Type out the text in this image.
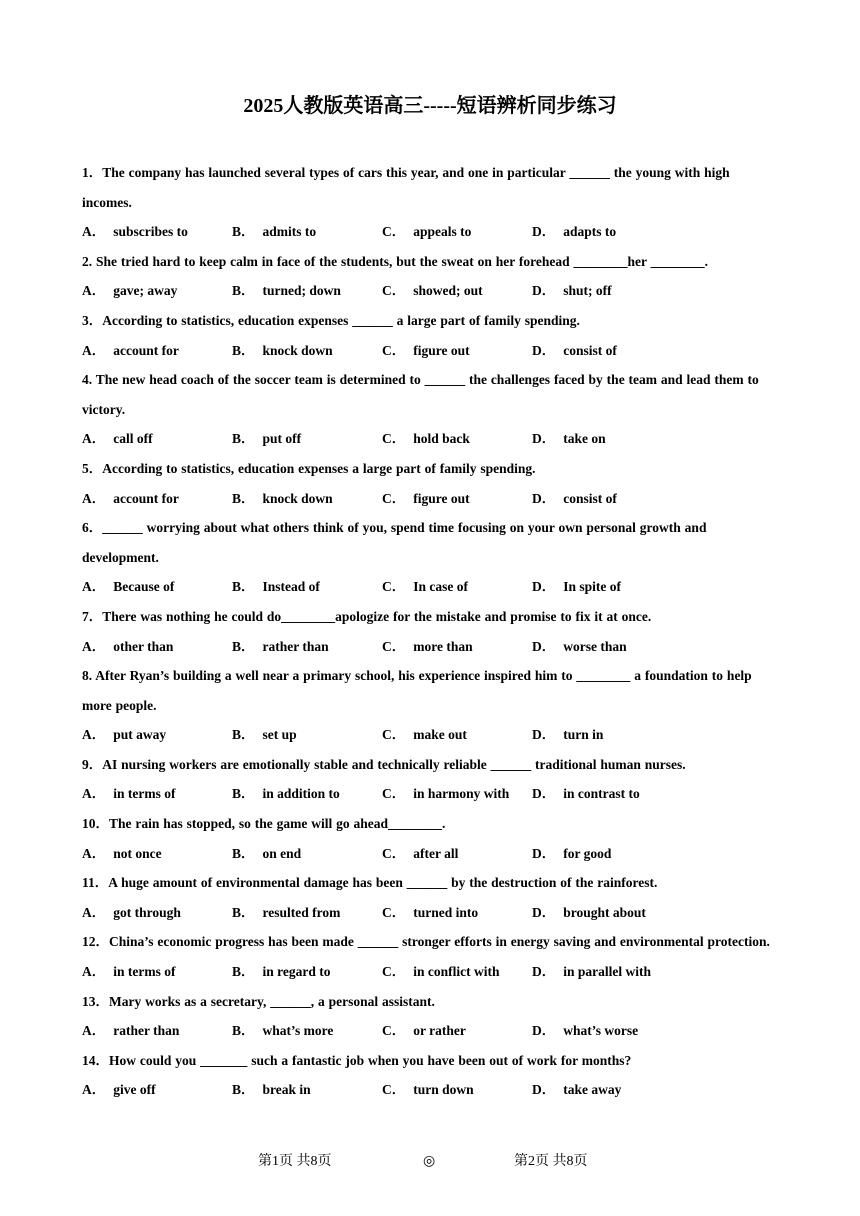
2025人教版英语高三-----短语辨析同步练习
1．The company has launched several types of cars this year, and one in particular ______ the young with high incomes.
A． subscribes to	B． admits to	C． appeals to	D． adapts to
2. She tried hard to keep calm in face of the students, but the sweat on her forehead ________her ________.
A． gave; away	B． turned; down	C． showed; out	D． shut; off
3．According to statistics, education expenses ______ a large part of family spending.
A． account for	B． knock down	C． figure out	D． consist of
4. The new head coach of the soccer team is determined to ______ the challenges faced by the team and lead them to victory.
A． call off	B． put off	C． hold back	D． take on
5．According to statistics, education expenses a large part of family spending.
A． account for	B． knock down	C． figure out	D． consist of
6．______ worrying about what others think of you, spend time focusing on your own personal growth and development.
A． Because of	B． Instead of	C． In case of	D． In spite of
7．There was nothing he could do________apologize for the mistake and promise to fix it at once.
A． other than	B． rather than	C． more than	D． worse than
8. After Ryan’s building a well near a primary school, his experience inspired him to ________ a foundation to help more people.
A． put away	B． set up	C． make out	D． turn in
9．AI nursing workers are emotionally stable and technically reliable ______ traditional human nurses.
A． in terms of	B． in addition to	C． in harmony with D． in contrast to
10．The rain has stopped, so the game will go ahead________.
A． not once	B． on end	C． after all	D． for good
11．A huge amount of environmental damage has been ______ by the destruction of the rainforest.
A． got through	B． resulted from	C． turned into	D． brought about
12．China’s economic progress has been made ______ stronger efforts in energy saving and environmental protection.
A． in terms of	B． in regard to	C． in conflict with D． in parallel with
13．Mary works as a secretary, ______, a personal assistant.
A． rather than	B． what’s more	C． or rather	D． what’s worse
14．How could you _______ such a fantastic job when you have been out of work for months?
A． give off	B． break in	C． turn down	D． take away
第1页 共8页	◎	第2页 共8页
